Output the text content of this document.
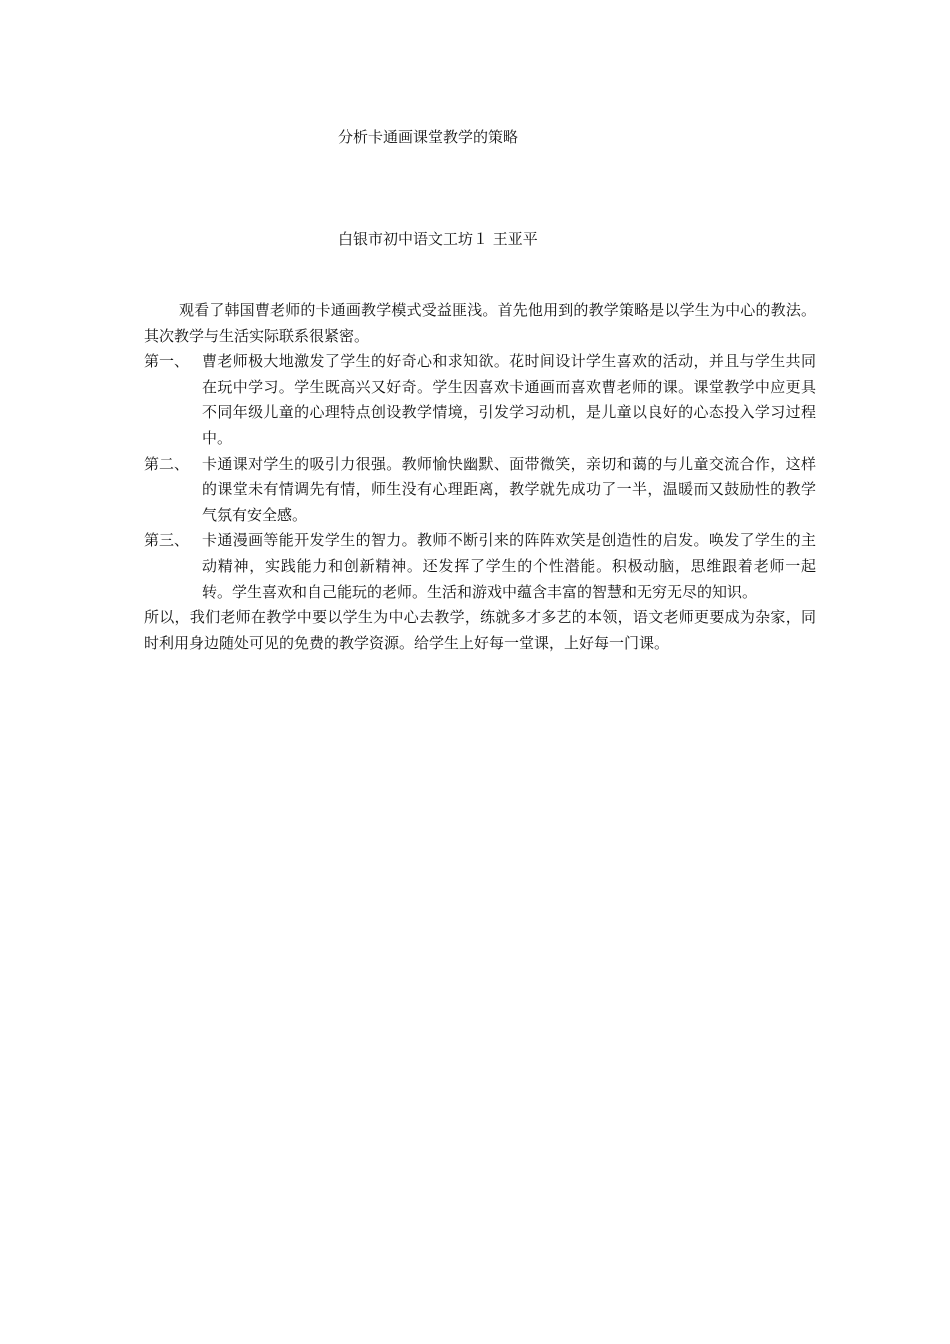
分析卡通画课堂教学的策略
白银市初中语文工坊１ 王亚平

观看了韩国曹老师的卡通画教学模式受益匪浅。首先他用到的教学策略是以学生为中心的教法。其次教学与生活实际联系很紧密。

第一、 曹老师极大地激发了学生的好奇心和求知欲。花时间设计学生喜欢的活动，并且与学生共同在玩中学习。学生既高兴又好奇。学生因喜欢卡通画而喜欢曹老师的课。课堂教学中应更具不同年级儿童的心理特点创设教学情境，引发学习动机，是儿童以良好的心态投入学习过程中。
第二、 卡通课对学生的吸引力很强。教师愉快幽默、面带微笑，亲切和蔼的与儿童交流合作，这样的课堂未有情调先有情，师生没有心理距离，教学就先成功了一半，温暖而又鼓励性的教学气氛有安全感。
第三、 卡通漫画等能开发学生的智力。教师不断引来的阵阵欢笑是创造性的启发。唤发了学生的主动精神，实践能力和创新精神。还发挥了学生的个性潜能。积极动脑，思维跟着老师一起转。学生喜欢和自己能玩的老师。生活和游戏中蕴含丰富的智慧和无穷无尽的知识。

所以，我们老师在教学中要以学生为中心去教学，练就多才多艺的本领，语文老师更要成为杂家，同时利用身边随处可见的免费的教学资源。给学生上好每一堂课，上好每一门课。
